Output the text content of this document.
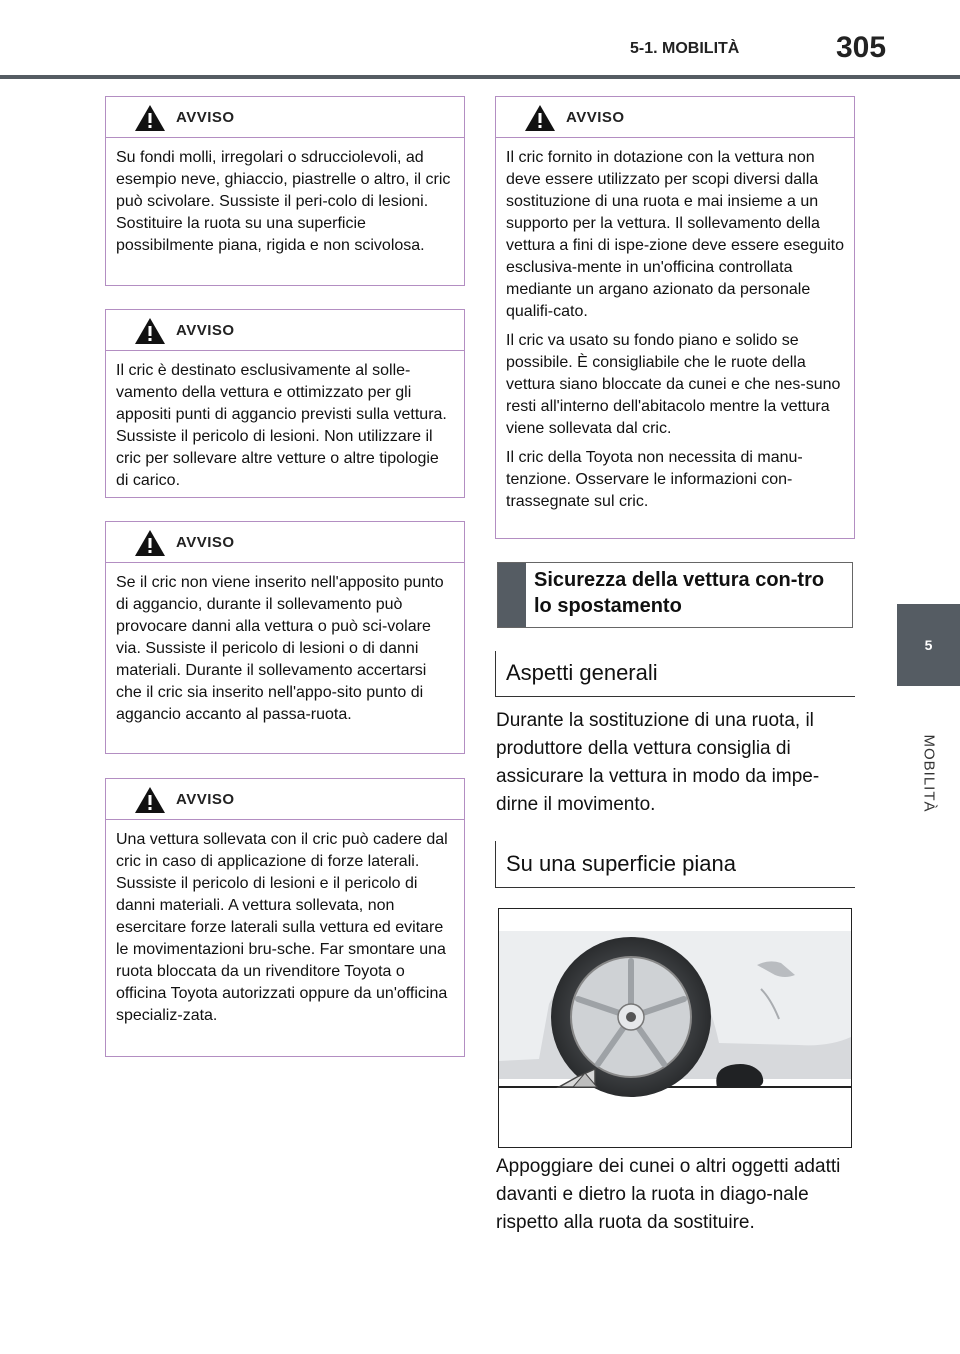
5-1. MOBILITÀ	305
5
MOBILITÀ
AVVISO

Su fondi molli, irregolari o sdrucciolevoli, ad esempio neve, ghiaccio, piastrelle o altro, il cric può scivolare. Sussiste il peri-colo di lesioni. Sostituire la ruota su una superficie possibilmente piana, rigida e non scivolosa.

AVVISO

Il cric è destinato esclusivamente al solle-vamento della vettura e ottimizzato per gli appositi punti di aggancio previsti sulla vettura. Sussiste il pericolo di lesioni. Non utilizzare il cric per sollevare altre vetture o altre tipologie di carico.

AVVISO

Se il cric non viene inserito nell'apposito punto di aggancio, durante il sollevamento può provocare danni alla vettura o può sci-volare via. Sussiste il pericolo di lesioni o di danni materiali. Durante il sollevamento accertarsi che il cric sia inserito nell'appo-sito punto di aggancio accanto al passa-ruota.

AVVISO

Una vettura sollevata con il cric può cadere dal cric in caso di applicazione di forze laterali. Sussiste il pericolo di lesioni e il pericolo di danni materiali. A vettura sollevata, non esercitare forze laterali sulla vettura ed evitare le movimentazioni bru-sche. Far smontare una ruota bloccata da un rivenditore Toyota o officina Toyota autorizzati oppure da un'officina specializ-zata.

AVVISO

Il cric fornito in dotazione con la vettura non deve essere utilizzato per scopi diversi dalla sostituzione di una ruota e mai insieme a un supporto per la vettura. Il sollevamento della vettura a fini di ispe-zione deve essere eseguito esclusiva-mente in un'officina controllata mediante un argano azionato da personale qualifi-cato.

Il cric va usato su fondo piano e solido se possibile. È consigliabile che le ruote della vettura siano bloccate da cunei e che nes-suno resti all'interno dell'abitacolo mentre la vettura viene sollevata dal cric.

Il cric della Toyota non necessita di manu-tenzione. Osservare le informazioni con-trassegnate sul cric.

Sicurezza della vettura con-tro lo spostamento
Aspetti generali
Durante la sostituzione di una ruota, il produttore della vettura consiglia di assicurare la vettura in modo da impe-dirne il movimento.
Su una superficie piana
Appoggiare dei cunei o altri oggetti adatti davanti e dietro la ruota in diago-nale rispetto alla ruota da sostituire.
